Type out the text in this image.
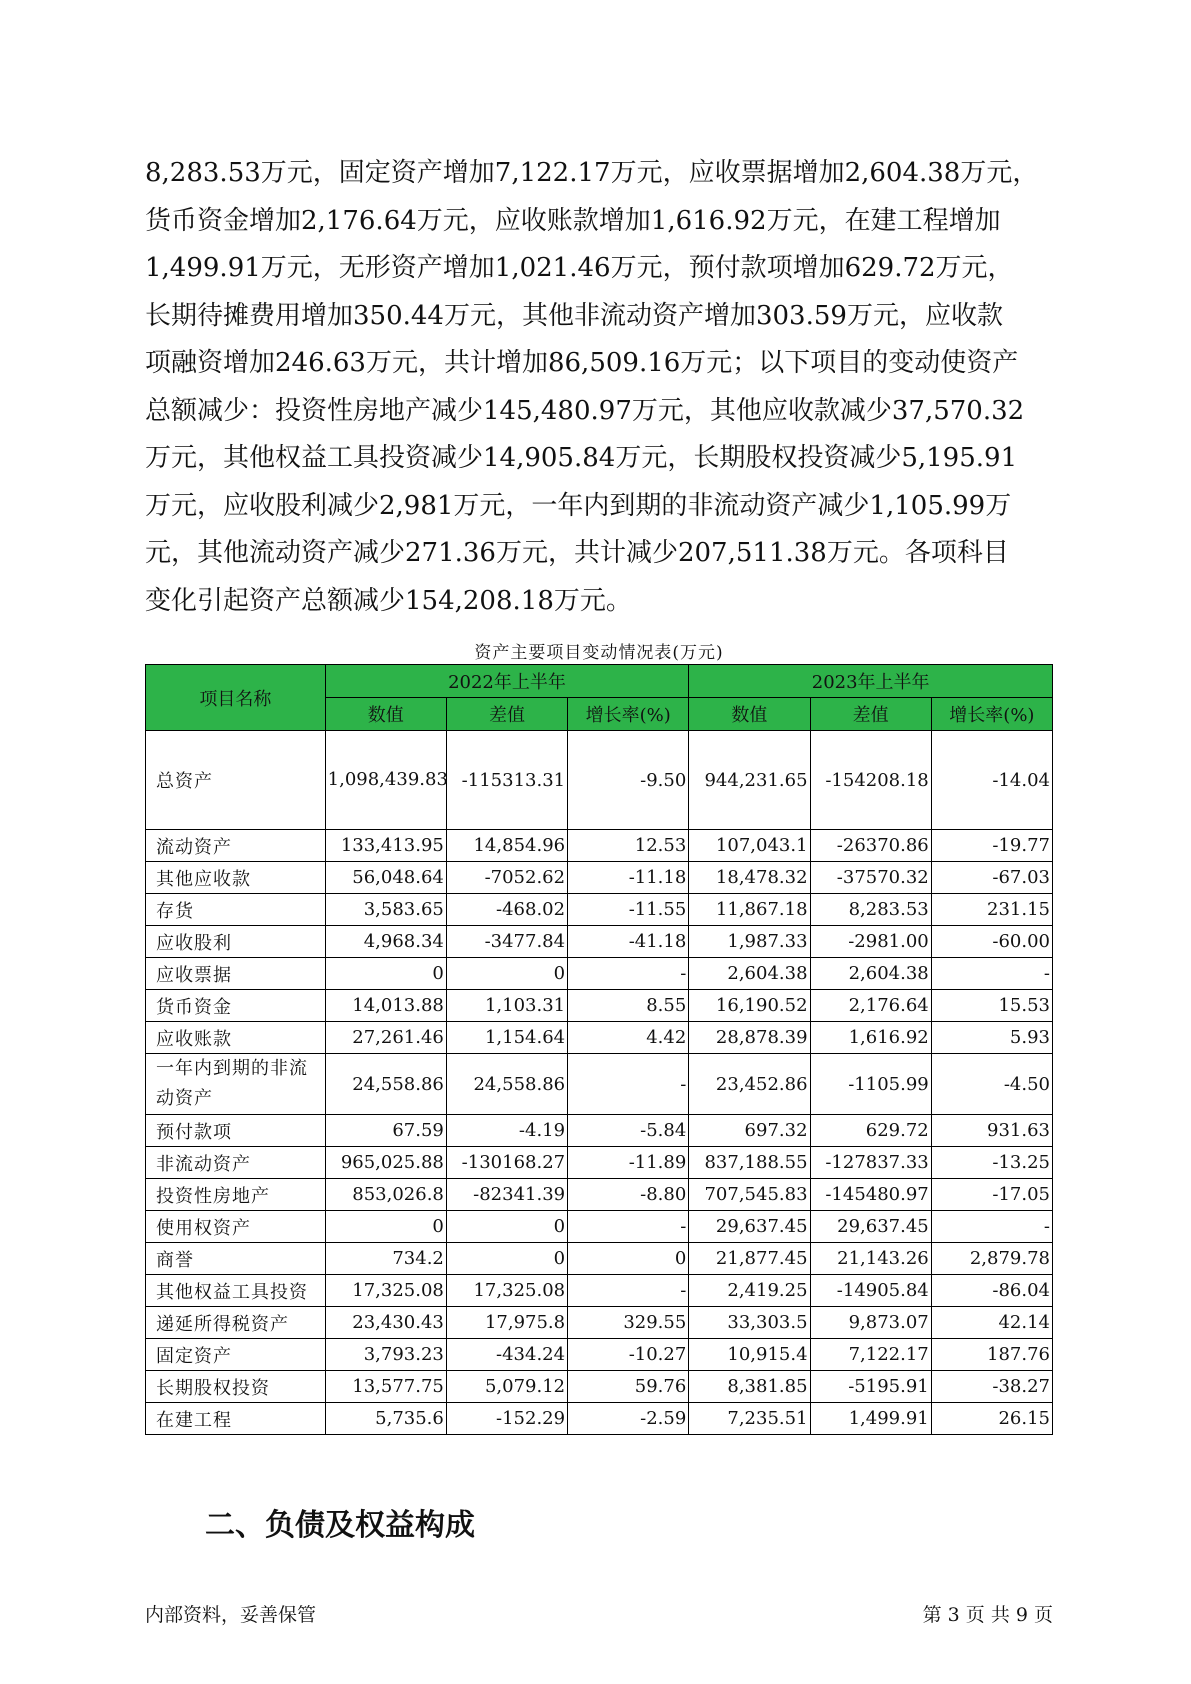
8,283.53万元，固定资产增加7,122.17万元，应收票据增加2,604.38万元，
货币资金增加2,176.64万元，应收账款增加1,616.92万元，在建工程增加
1,499.91万元，无形资产增加1,021.46万元，预付款项增加629.72万元，
长期待摊费用增加350.44万元，其他非流动资产增加303.59万元，应收款
项融资增加246.63万元，共计增加86,509.16万元；以下项目的变动使资产
总额减少：投资性房地产减少145,480.97万元，其他应收款减少37,570.32
万元，其他权益工具投资减少14,905.84万元，长期股权投资减少5,195.91
万元，应收股利减少2,981万元，一年内到期的非流动资产减少1,105.99万
元，其他流动资产减少271.36万元，共计减少207,511.38万元。各项科目
变化引起资产总额减少154,208.18万元。
资产主要项目变动情况表(万元)
项目名称	2022年上半年			2023年上半年		
	数值	差值	增长率(%)	数值	差值	增长率(%)
总资产	1,098,439.83	-115313.31	-9.50	944,231.65	-154208.18	-14.04
流动资产	133,413.95	14,854.96	12.53	107,043.1	-26370.86	-19.77
其他应收款	56,048.64	-7052.62	-11.18	18,478.32	-37570.32	-67.03
存货	3,583.65	-468.02	-11.55	11,867.18	8,283.53	231.15
应收股利	4,968.34	-3477.84	-41.18	1,987.33	-2981.00	-60.00
应收票据	0	0	-	2,604.38	2,604.38	-
货币资金	14,013.88	1,103.31	8.55	16,190.52	2,176.64	15.53
应收账款	27,261.46	1,154.64	4.42	28,878.39	1,616.92	5.93
一年内到期的非流动资产	24,558.86	24,558.86	-	23,452.86	-1105.99	-4.50
预付款项	67.59	-4.19	-5.84	697.32	629.72	931.63
非流动资产	965,025.88	-130168.27	-11.89	837,188.55	-127837.33	-13.25
投资性房地产	853,026.8	-82341.39	-8.80	707,545.83	-145480.97	-17.05
使用权资产	0	0	-	29,637.45	29,637.45	-
商誉	734.2	0	0	21,877.45	21,143.26	2,879.78
其他权益工具投资	17,325.08	17,325.08	-	2,419.25	-14905.84	-86.04
递延所得税资产	23,430.43	17,975.8	329.55	33,303.5	9,873.07	42.14
固定资产	3,793.23	-434.24	-10.27	10,915.4	7,122.17	187.76
长期股权投资	13,577.75	5,079.12	59.76	8,381.85	-5195.91	-38.27
在建工程	5,735.6	-152.29	-2.59	7,235.51	1,499.91	26.15
二、负债及权益构成
内部资料，妥善保管	第 3 页 共 9 页
